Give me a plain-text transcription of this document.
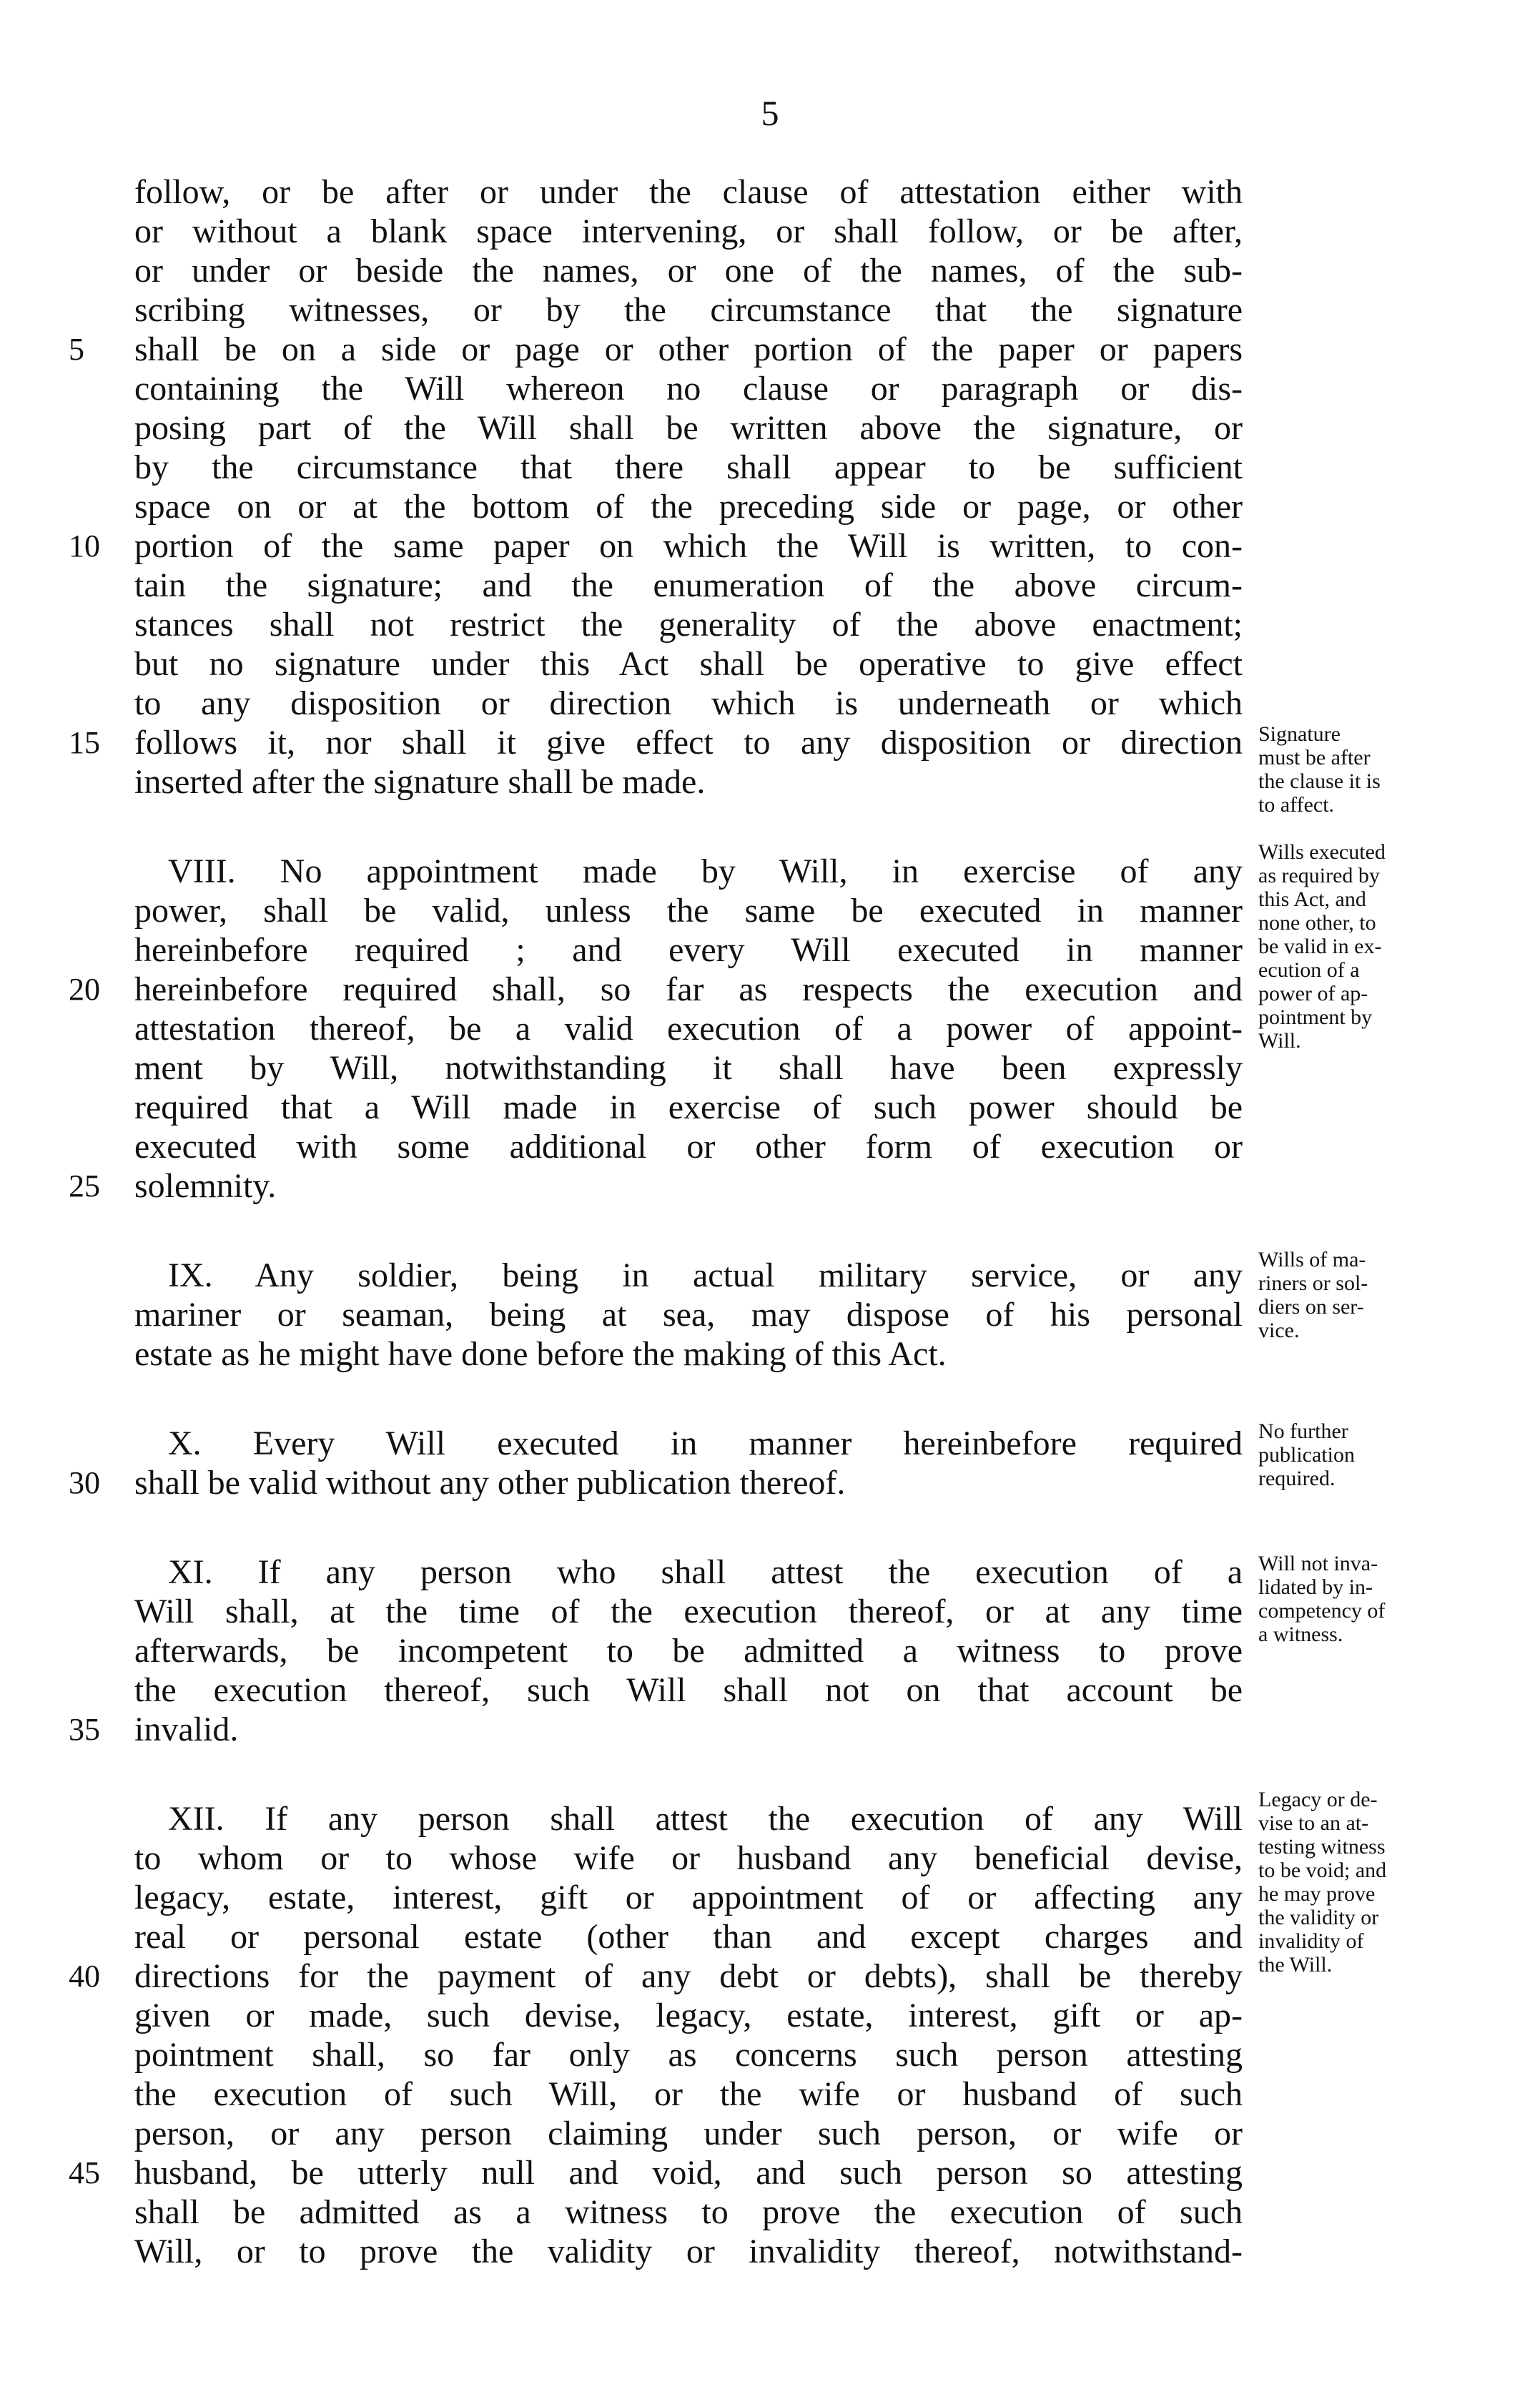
5
follow, or be after or under the clause of attestation either with
or without a blank space intervening, or shall follow, or be after,
or under or beside the names, or one of the names, of the sub-
scribing witnesses, or by the circumstance that the signature
shall be on a side or page or other portion of the paper or papers
containing the Will whereon no clause or paragraph or dis-
posing part of the Will shall be written above the signature, or
by the circumstance that there shall appear to be sufficient
space on or at the bottom of the preceding side or page, or other
portion of the same paper on which the Will is written, to con-
tain the signature; and the enumeration of the above circum-
stances shall not restrict the generality of the above enactment;
but no signature under this Act shall be operative to give effect
to any disposition or direction which is underneath or which
follows it, nor shall it give effect to any disposition or direction
inserted after the signature shall be made.
VIII. No appointment made by Will, in exercise of any
power, shall be valid, unless the same be executed in manner
hereinbefore required ; and every Will executed in manner
hereinbefore required shall, so far as respects the execution and
attestation thereof, be a valid execution of a power of appoint-
ment by Will, notwithstanding it shall have been expressly
required that a Will made in exercise of such power should be
executed with some additional or other form of execution or
solemnity.
IX. Any soldier, being in actual military service, or any
mariner or seaman, being at sea, may dispose of his personal
estate as he might have done before the making of this Act.
X. Every Will executed in manner hereinbefore required
shall be valid without any other publication thereof.
XI. If any person who shall attest the execution of a
Will shall, at the time of the execution thereof, or at any time
afterwards, be incompetent to be admitted a witness to prove
the execution thereof, such Will shall not on that account be
invalid.
XII. If any person shall attest the execution of any Will
to whom or to whose wife or husband any beneficial devise,
legacy, estate, interest, gift or appointment of or affecting any
real or personal estate (other than and except charges and
directions for the payment of any debt or debts), shall be thereby
given or made, such devise, legacy, estate, interest, gift or ap-
pointment shall, so far only as concerns such person attesting
the execution of such Will, or the wife or husband of such
person, or any person claiming under such person, or wife or
husband, be utterly null and void, and such person so attesting
shall be admitted as a witness to prove the execution of such
Will, or to prove the validity or invalidity thereof, notwithstand-
5
10
15
20
25
30
35
40
45
Signature
must be after
the clause it is
to affect.
Wills executed
as required by
this Act, and
none other, to
be valid in ex-
ecution of a
power of ap-
pointment by
Will.
Wills of ma-
riners or sol-
diers on ser-
vice.
No further
publication
required.
Will not inva-
lidated by in-
competency of
a witness.
Legacy or de-
vise to an at-
testing witness
to be void; and
he may prove
the validity or
invalidity of
the Will.
